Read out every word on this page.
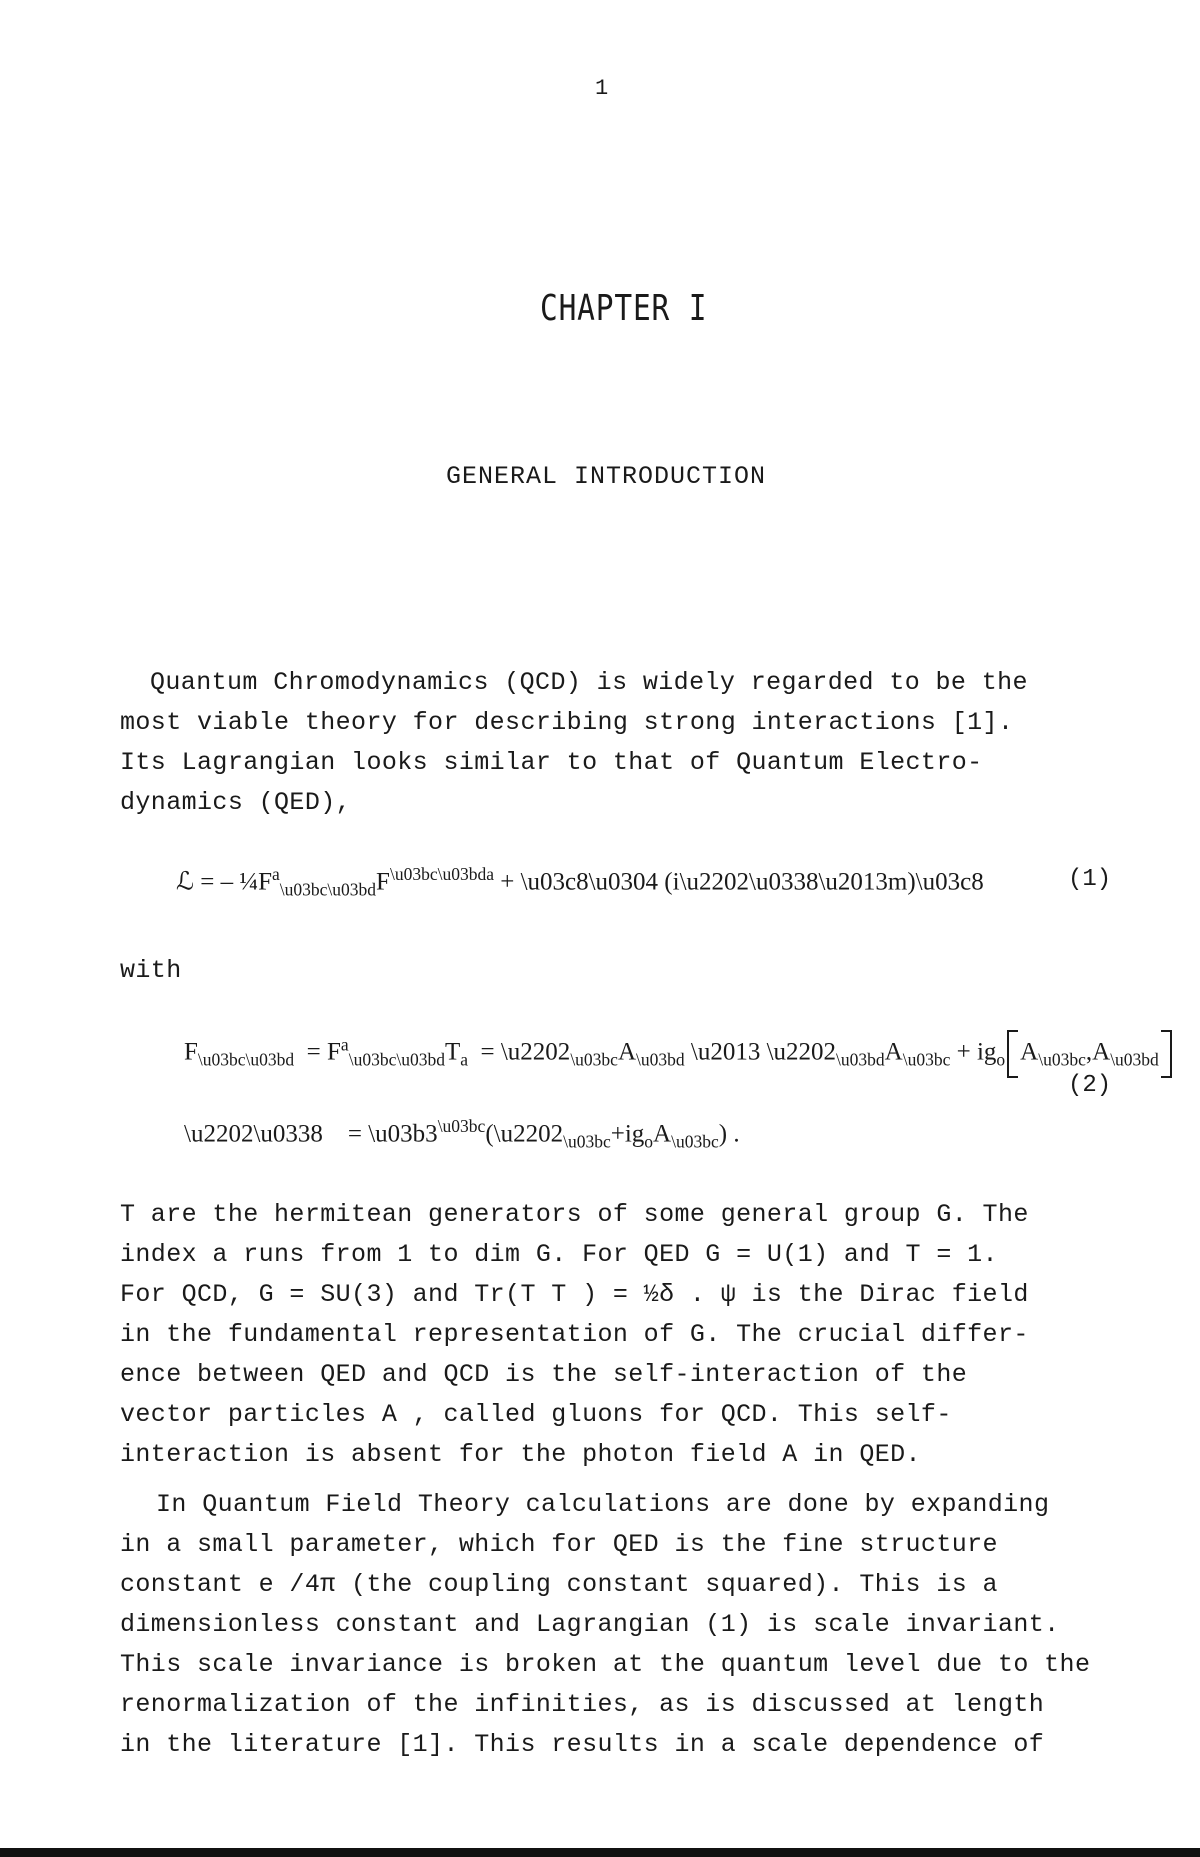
1
CHAPTER I
GENERAL INTRODUCTION
Quantum Chromodynamics (QCD) is widely regarded to be the
most viable theory for describing strong interactions [1].
Its Lagrangian looks similar to that of Quantum Electro-
dynamics (QED),
ℒ = – $\frac{1}{4}F^a_{\backslash u03bc\backslash u03bd}F^{\backslash u03bc\backslash u03bda}$ + \u03c8\u0304 (i\u2202\u0338\u2013m)\u03c8	(1)
with
$F_{\backslash u03bc\backslash u03bd} = F^a_{\backslash u03bc\backslash u03bd}T_a$  = $\backslash u2202_{\backslash u03bc}A_{\backslash u03bd}$ \u2013 $\backslash u2202_{\backslash u03bd}A_{\backslash u03bc} + ig_o$ $A_{\backslash u03bc},A_{\backslash u03bd}$
(2)
\u2202\u0338    = $\backslash u03b3^{\backslash u03bc}(\backslash u2202_{\backslash u03bc}+ig_oA_{\backslash u03bc})$ .
T are the hermitean generators of some general group G. The
index a runs from 1 to dim G. For QED G = U(1) and T = 1.
For QCD, G = SU(3) and Tr(T T ) = ½δ . ψ is the Dirac field
in the fundamental representation of G. The crucial differ-
ence between QED and QCD is the self-interaction of the
vector particles A , called gluons for QCD. This self-
interaction is absent for the photon field A in QED.
In Quantum Field Theory calculations are done by expanding
in a small parameter, which for QED is the fine structure
constant e /4π (the coupling constant squared). This is a
dimensionless constant and Lagrangian (1) is scale invariant.
This scale invariance is broken at the quantum level due to the
renormalization of the infinities, as is discussed at length
in the literature [1]. This results in a scale dependence of
